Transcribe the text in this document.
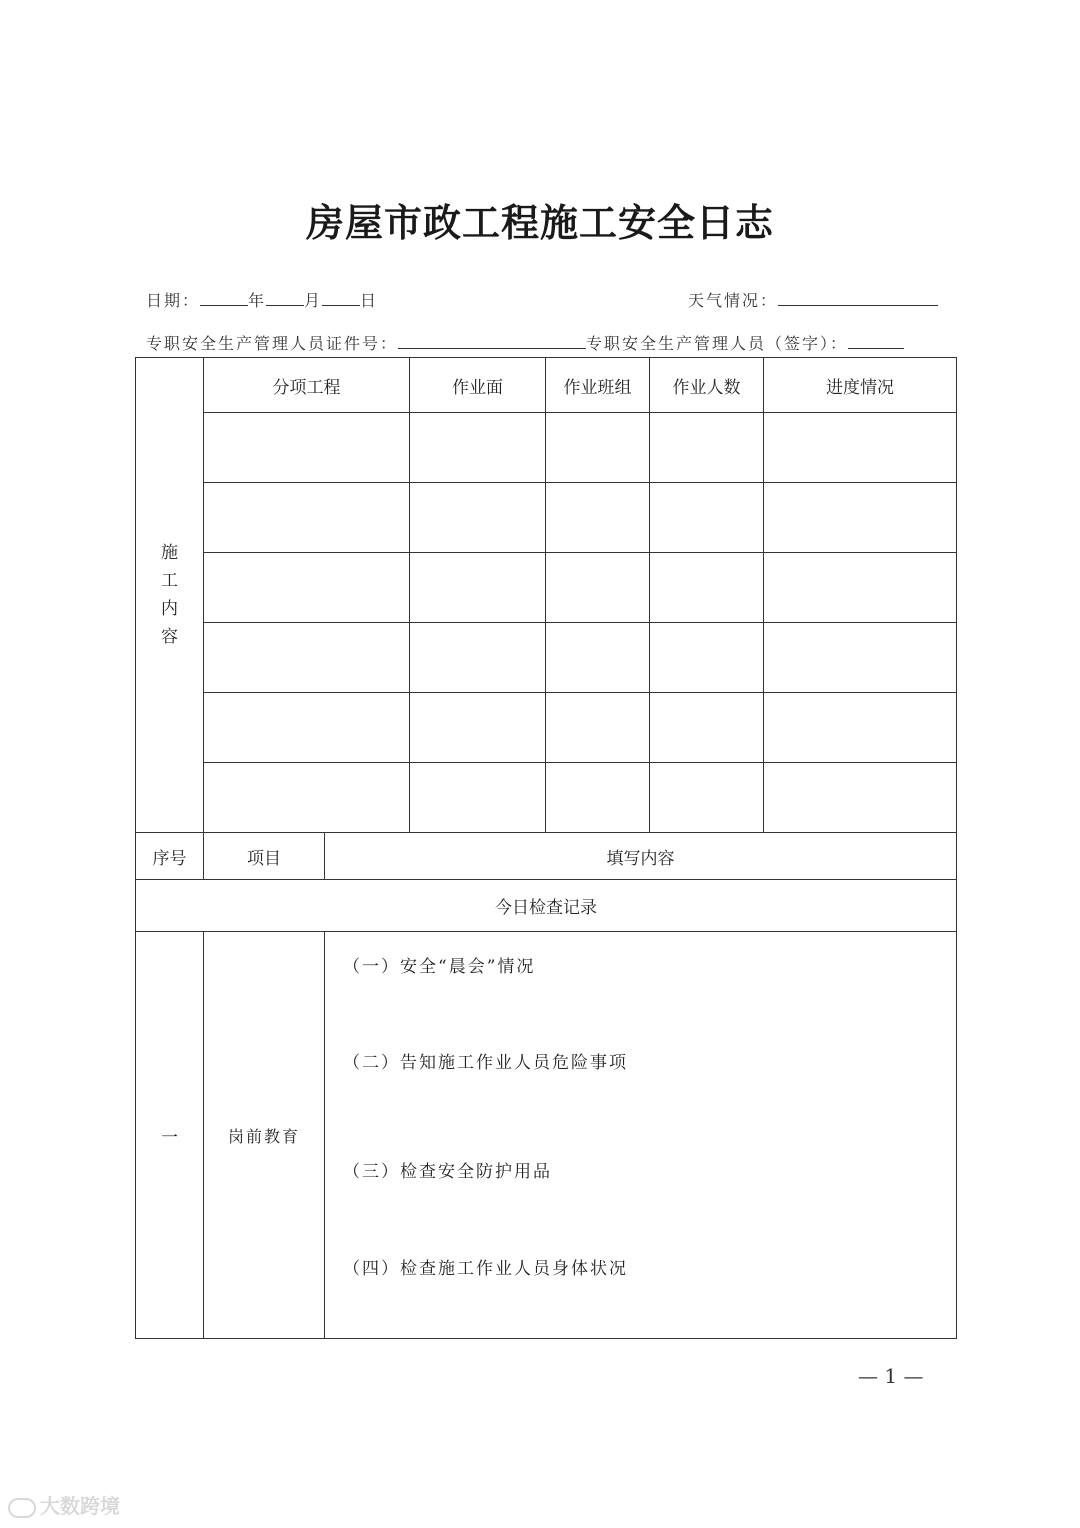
房屋市政工程施工安全日志
日期：	年 月 日	天气情况：
专职安全生产管理人员证件号：	专职安全生产管理人员（签字）：
施
工
内
容	分项工程		作业面	作业班组	作业人数	进度情况

序号	项目	填写内容				
今日检查记录						
一	岗前教育	（一）安全“晨会”情况
（二）告知施工作业人员危险事项
（三）检查安全防护用品
（四）检查施工作业人员身体状况				
— 1 —
大数跨境
